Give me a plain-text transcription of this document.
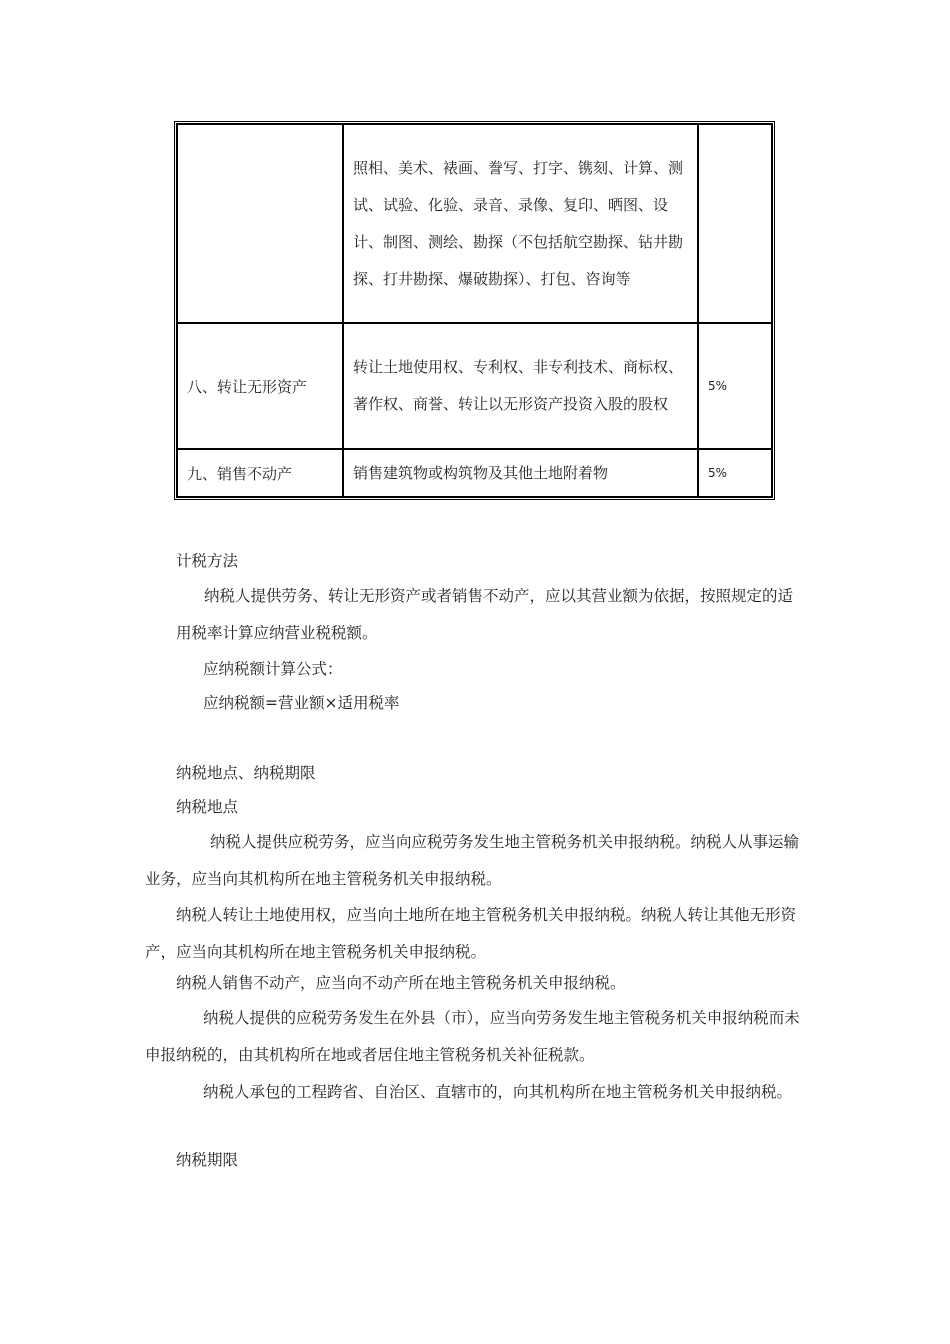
	照相、美术、裱画、誊写、打字、镌刻、计算、测试、试验、化验、录音、录像、复印、晒图、设计、制图、测绘、勘探（不包括航空勘探、钻井勘探、打井勘探、爆破勘探）、打包、咨询等	
八、转让无形资产	转让土地使用权、专利权、非专利技术、商标权、著作权、商誉、转让以无形资产投资入股的股权	5%
九、销售不动产	销售建筑物或构筑物及其他土地附着物	5%

计税方法

纳税人提供劳务、转让无形资产或者销售不动产，应以其营业额为依据，按照规定的适用税率计算应纳营业税税额。

应纳税额计算公式：

应纳税额=营业额×适用税率

纳税地点、纳税期限

纳税地点

纳税人提供应税劳务，应当向应税劳务发生地主管税务机关申报纳税。纳税人从事运输业务，应当向其机构所在地主管税务机关申报纳税。

纳税人转让土地使用权，应当向土地所在地主管税务机关申报纳税。纳税人转让其他无形资产，应当向其机构所在地主管税务机关申报纳税。

纳税人销售不动产，应当向不动产所在地主管税务机关申报纳税。

纳税人提供的应税劳务发生在外县（市），应当向劳务发生地主管税务机关申报纳税而未申报纳税的，由其机构所在地或者居住地主管税务机关补征税款。

纳税人承包的工程跨省、自治区、直辖市的，向其机构所在地主管税务机关申报纳税。

纳税期限
